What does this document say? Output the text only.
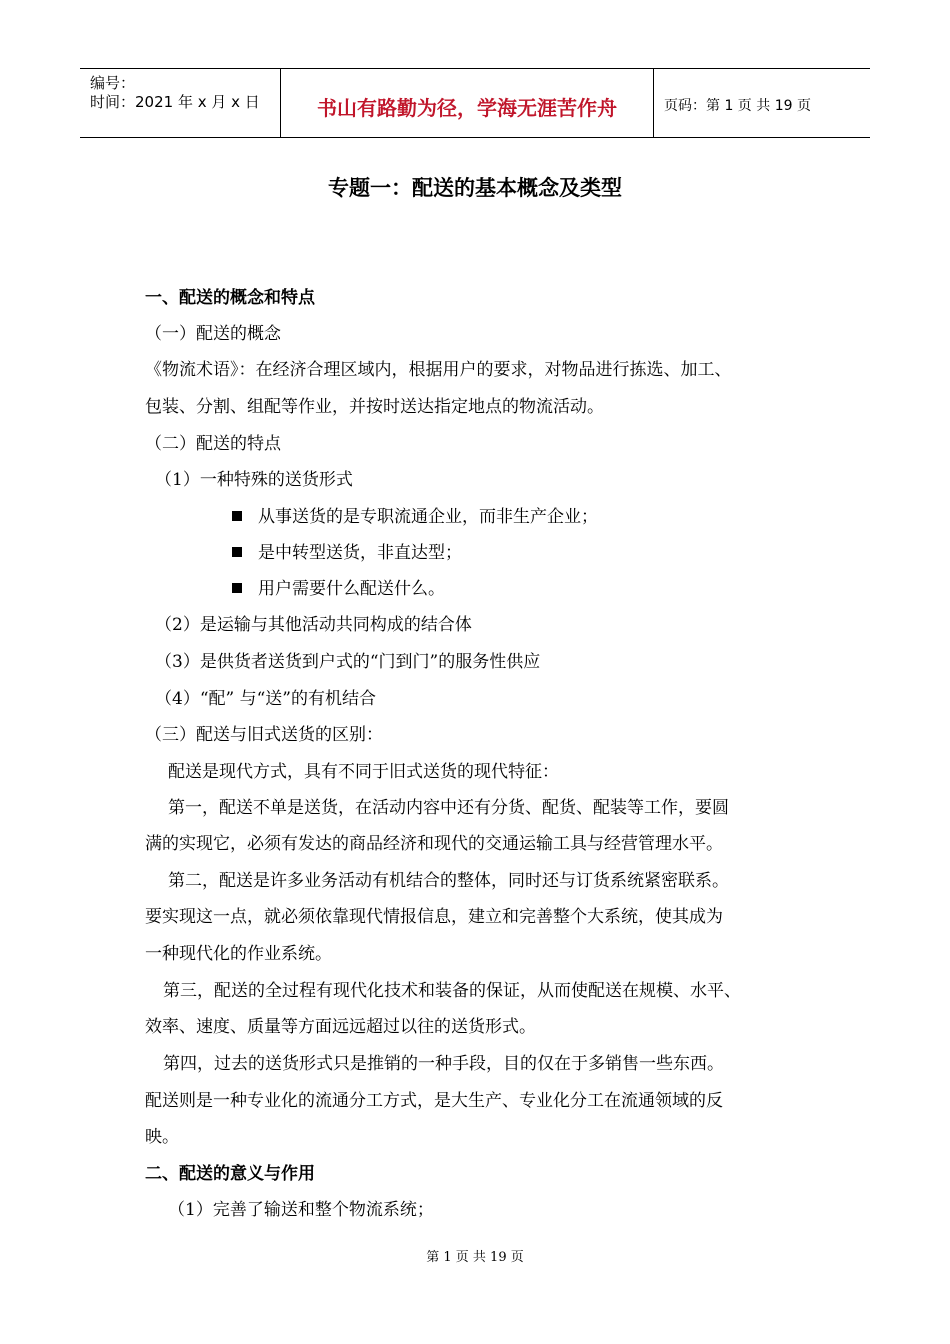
编号：
时间：2021 年 x 月 x 日	书山有路勤为径，学海无涯苦作舟	页码：第 1 页 共 19 页
专题一：配送的基本概念及类型
一、配送的概念和特点
（一）配送的概念
《物流术语》：在经济合理区域内，根据用户的要求，对物品进行拣选、加工、
包装、分割、组配等作业，并按时送达指定地点的物流活动。
（二）配送的特点
（1）一种特殊的送货形式
从事送货的是专职流通企业，而非生产企业；
是中转型送货，非直达型；
用户需要什么配送什么。
（2）是运输与其他活动共同构成的结合体
（3）是供货者送货到户式的“门到门”的服务性供应
（4）“配” 与“送”的有机结合
（三）配送与旧式送货的区别：
配送是现代方式，具有不同于旧式送货的现代特征：
第一，配送不单是送货，在活动内容中还有分货、配货、配装等工作，要圆
满的实现它，必须有发达的商品经济和现代的交通运输工具与经营管理水平。
第二，配送是许多业务活动有机结合的整体，同时还与订货系统紧密联系。
要实现这一点，就必须依靠现代情报信息，建立和完善整个大系统，使其成为
一种现代化的作业系统。
第三，配送的全过程有现代化技术和装备的保证，从而使配送在规模、水平、
效率、速度、质量等方面远远超过以往的送货形式。
第四，过去的送货形式只是推销的一种手段，目的仅在于多销售一些东西。
配送则是一种专业化的流通分工方式，是大生产、专业化分工在流通领域的反
映。
二、配送的意义与作用
（1）完善了输送和整个物流系统；
第 1 页 共 19 页
